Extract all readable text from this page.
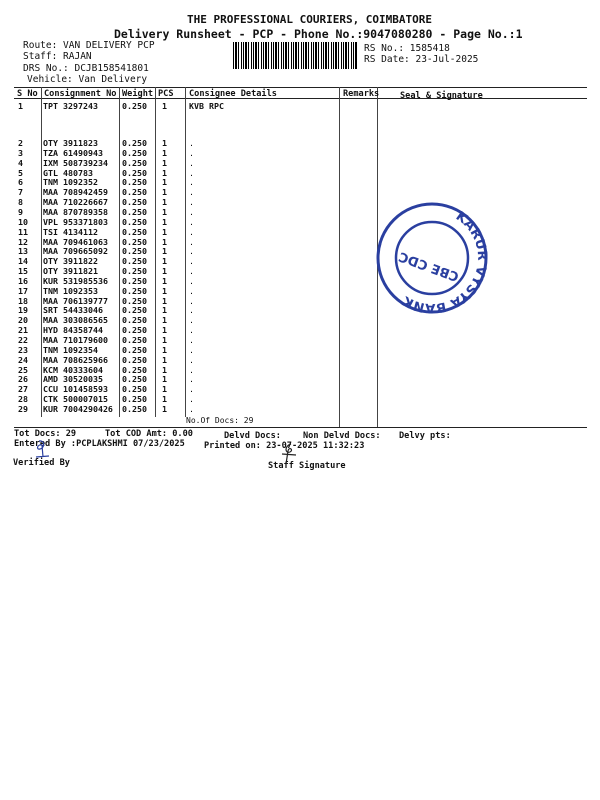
THE PROFESSIONAL COURIERS, COIMBATORE
Delivery Runsheet - PCP - Phone No.:9047080280 - Page No.:1
Route: VAN DELIVERY PCP
Staff: RAJAN
DRS No.: DCJB158541801
Vehicle: Van Delivery
RS No.: 1585418
RS Date: 23-Jul-2025
S No Consignment No Weight PCS Consignee Details	Remarks Seal & Signature
1 TPT 3297243	0.250 1	KVB RPC
2 OTY 3911823	0.250 1	.
3 TZA 61490943 0.250 1	.
4 IXM 508739234 0.250 1	.
5 GTL 480783	0.250 1	.
6 TNM 1092352	0.250 1	.
7 MAA 708942459 0.250 1	.
8 MAA 710226667 0.250 1	.
9 MAA 870789358 0.250 1	.
10 VPL 953371803 0.250 1	.
11 TSI 4134112	0.250 1	.
12 MAA 709461063 0.250 1	.
13 MAA 709665092 0.250 1	.
14 OTY 3911822	0.250 1	.
15 OTY 3911821	0.250 1	.
16 KUR 531985536 0.250 1	.
17 TNM 1092353	0.250 1	.
18 MAA 706139777 0.250 1	.
19 SRT 54433046 0.250 1	.
20 MAA 303086565 0.250 1	.
21 HYD 84358744 0.250 1	.
22 MAA 710179600 0.250 1	.
23 TNM 1092354	0.250 1	.
24 MAA 708625966 0.250 1	.
25 KCM 40333604 0.250 1	.
26 AMD 30520035 0.250 1	.
27 CCU 101458593 0.250 1	.
28 CTK 500007015 0.250 1	.
29 KUR 7004290426 0.250 1	.
No.Of Docs: 29
KARUR VYSYA BANK
CBE CDC
Tot Docs: 29	Tot COD Amt: 0.00	Delvd Docs:	Non Delvd Docs: Delvy pts:
Entered By :PCPLAKSHMI 07/23/2025 Printed on: 23-07-2025 11:32:23
Verified By	Staff Signature
